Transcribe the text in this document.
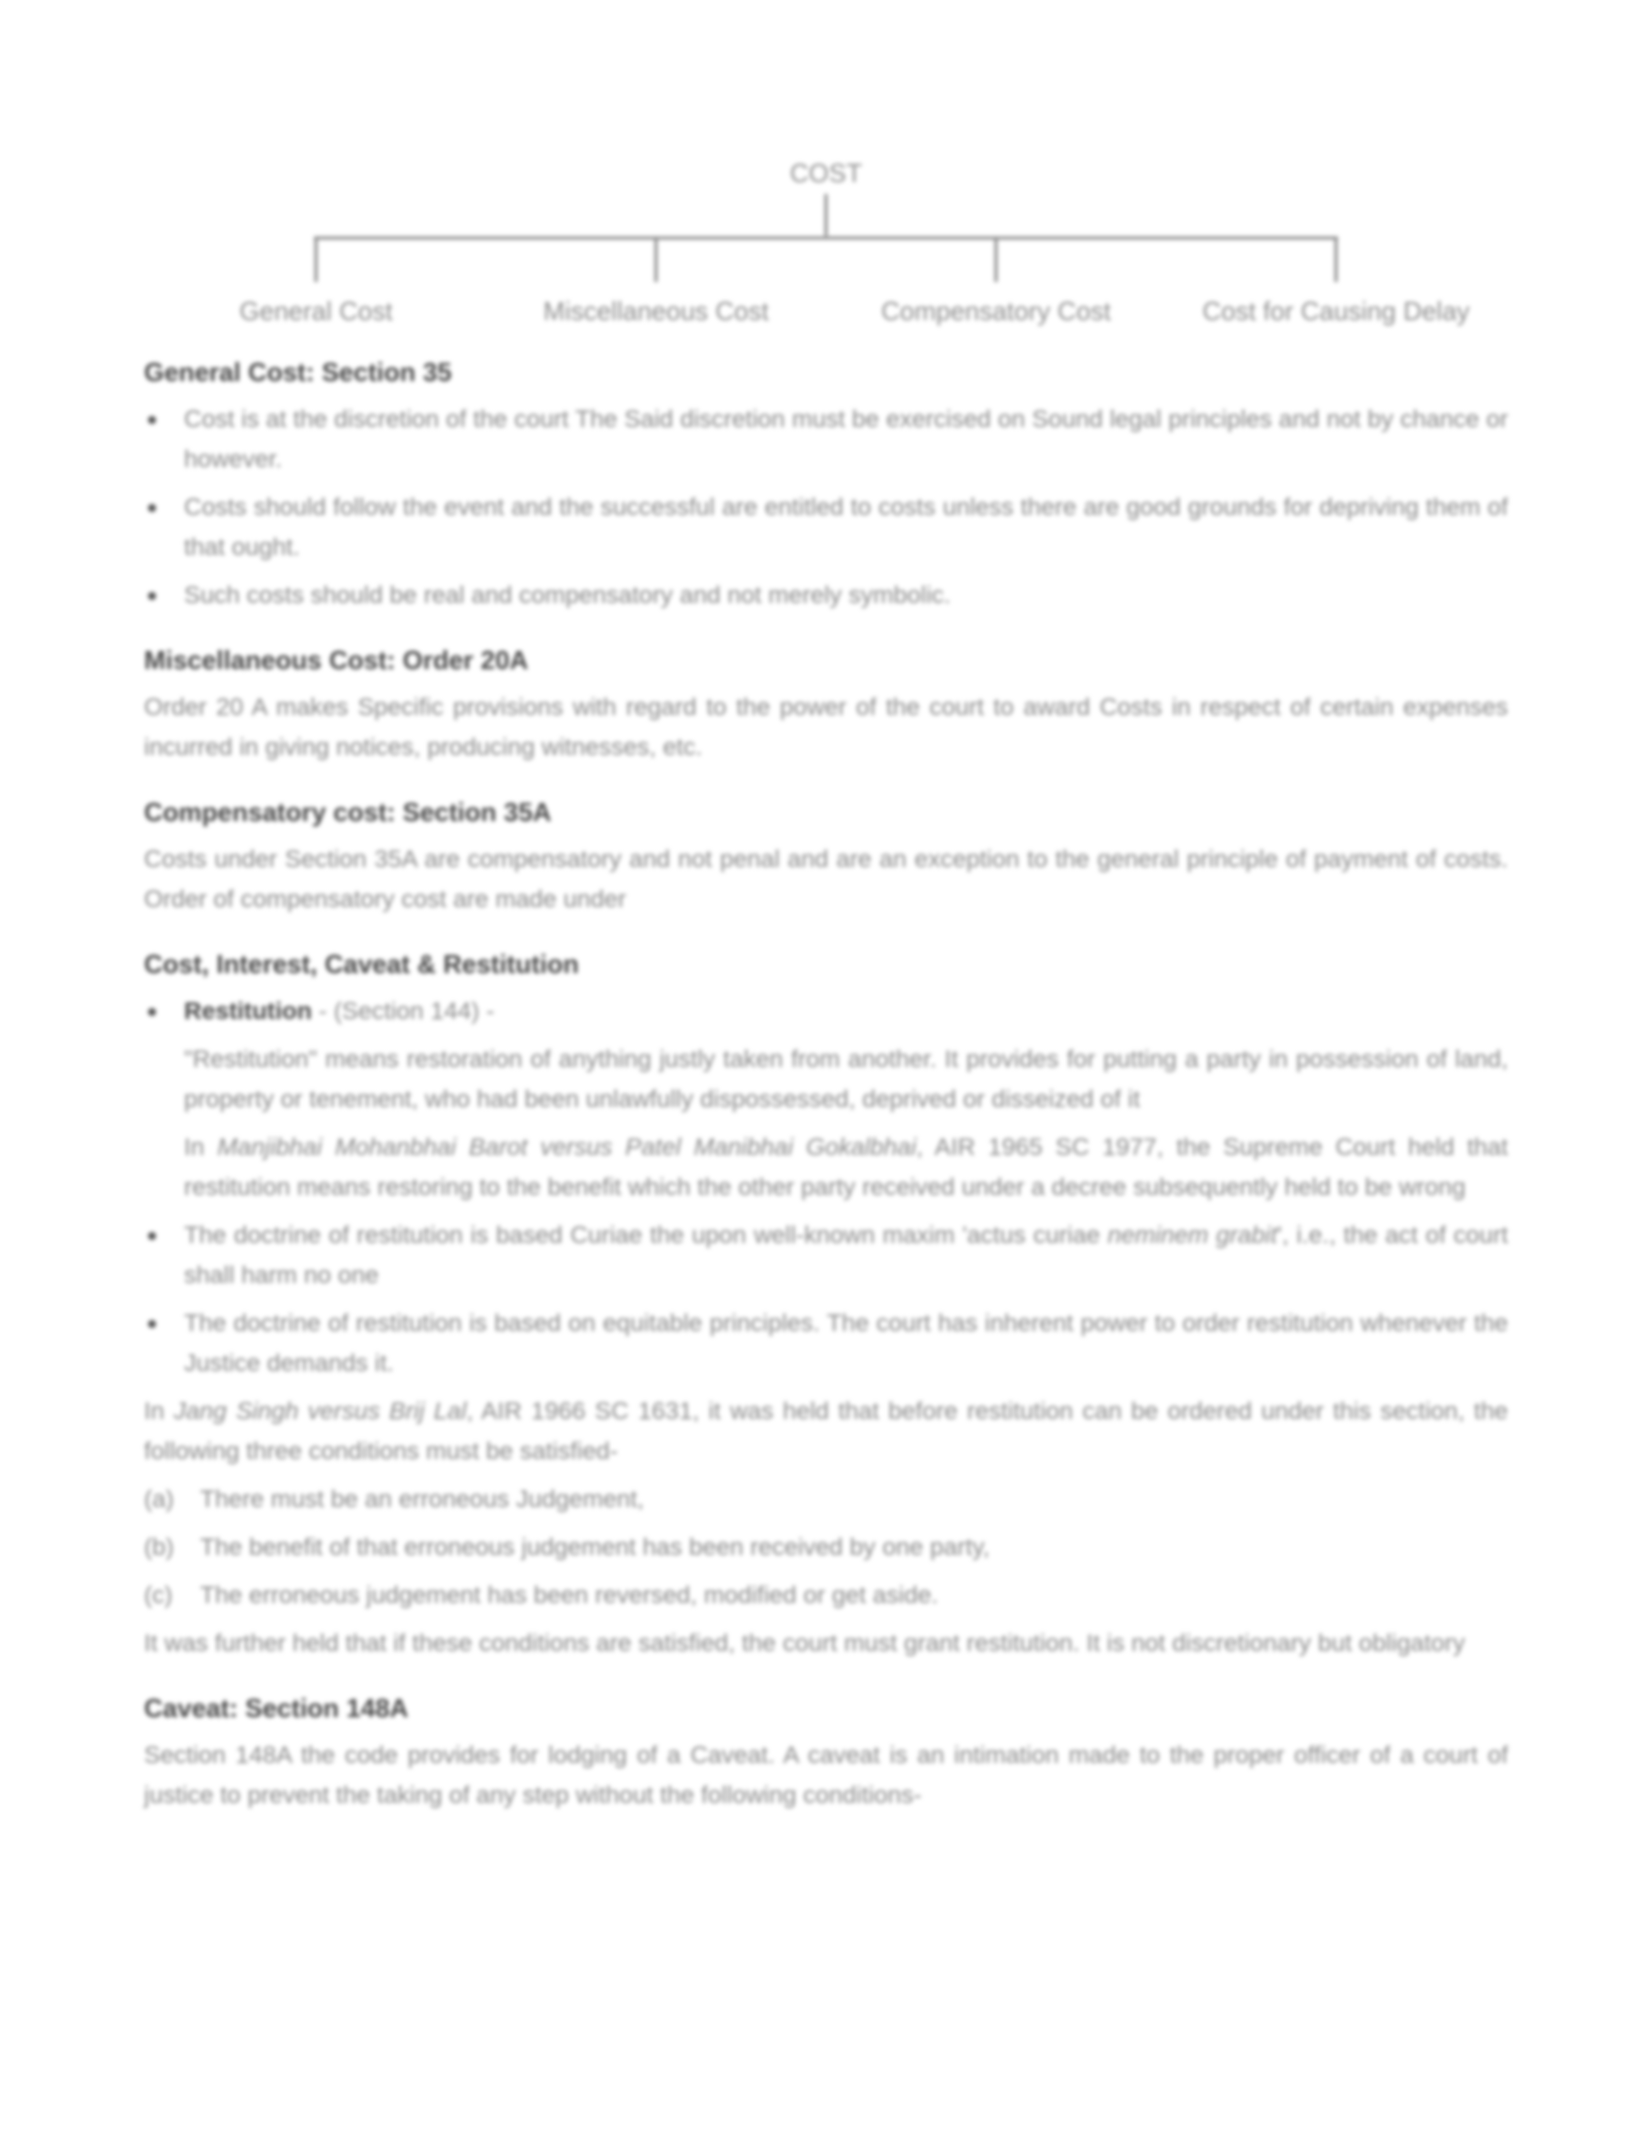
COST
General Cost	Miscellaneous Cost	Compensatory Cost	Cost for Causing Delay
General Cost: Section 35
Cost is at the discretion of the court The Said discretion must be exercised on Sound legal principles and not by chance or however.
Costs should follow the event and the successful are entitled to costs unless there are good grounds for depriving them of that ought.
Such costs should be real and compensatory and not merely symbolic.
Miscellaneous Cost: Order 20A

Order 20 A makes Specific provisions with regard to the power of the court to award Costs in respect of certain expenses incurred in giving notices, producing witnesses, etc.

Compensatory cost: Section 35A

Costs under Section 35A are compensatory and not penal and are an exception to the general principle of payment of costs. Order of compensatory cost are made under

Cost, Interest, Caveat & Restitution
Restitution - (Section 144) -
"Restitution" means restoration of anything justly taken from another. It provides for putting a party in possession of land, property or tenement, who had been unlawfully dispossessed, deprived or disseized of it
In Manjibhai Mohanbhai Barot versus Patel Manibhai Gokalbhai, AIR 1965 SC 1977, the Supreme Court held that restitution means restoring to the benefit which the other party received under a decree subsequently held to be wrong
The doctrine of restitution is based Curiae the upon well-known maxim 'actus curiae neminem grabit', i.e., the act of court shall harm no one
The doctrine of restitution is based on equitable principles. The court has inherent power to order restitution whenever the Justice demands it.

In Jang Singh versus Brij Lal, AIR 1966 SC 1631, it was held that before restitution can be ordered under this section, the following three conditions must be satisfied-

(a) There must be an erroneous Judgement,
(b) The benefit of that erroneous judgement has been received by one party,
(c) The erroneous judgement has been reversed, modified or get aside.

It was further held that if these conditions are satisfied, the court must grant restitution. It is not discretionary but obligatory

Caveat: Section 148A

Section 148A the code provides for lodging of a Caveat. A caveat is an intimation made to the proper officer of a court of justice to prevent the taking of any step without the following conditions-
